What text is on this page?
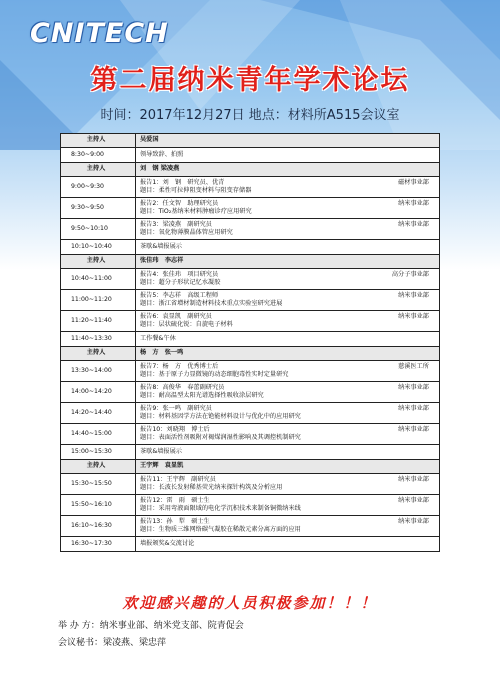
CNITECH
第二届纳米青年学术论坛
时间：2017年12月27日 地点：材料所A515会议室
主持人	吴爱国
8:30~9:00	领导致辞、拍照
主持人	刘　钢 梁凌燕
9:00~9:30	报告1：刘　钢　研究员、优青
题目：柔性可拉伸阻变材料与阻变存储器
磁材事业部

9:30~9:50	报告2：任文智　助理研究员
题目：TiO₂基纳米材料肿瘤诊疗应用研究
纳米事业部

9:50~10:10	报告3：梁凌燕　副研究员
题目：氧化物薄膜晶体管应用研究
纳米事业部

10:10~10:40	茶歇&墙报展示
主持人	张佳玮　李志祥
10:40~11:00	报告4：张佳玮　项目研究员
题目：超分子形状记忆水凝胶
高分子事业部

11:00~11:20	报告5：李志祥　高级工程师
题目：浙江省增材制造材料技术重点实验室研究进展
纳米事业部

11:20~11:40	报告6：袁显凯　副研究员
题目：层状硫化锐：自旋电子材料
纳米事业部

11:40~13:30	工作餐&午休
主持人	杨　方　张一鸣
13:30~14:00	报告7：杨　方　优秀博士后
题目：基于原子力显微镜的动态细胞毒性实时定量研究
慈溪医工所

14:00~14:20	报告8：高俊华　春蕾副研究员
题目：耐高温型太阳光谱选择性吸收涂层研究
纳米事业部

14:20~14:40	报告9：张一鸣　副研究员
题目：材料基因学方法在铯能材料设计与优化中的应用研究
纳米事业部

14:40~15:00	报告10：刘晓翔　博士后
题目：表面活性剂吸附对褐煤润湿性影响及其调控机制研究
纳米事业部

15:00~15:30	茶歇&墙报展示
主持人	王宇辉　袁显凯
15:30~15:50	报告11：王宇辉　副研究员
题目：长波长发射稀基荧光纳米探针构筑及分析应用
纳米事业部

15:50~16:10	报告12：雷　雨　硕士生
题目：采用弯液面限域的电化学沉积技术来制备铜微纳米线
纳米事业部

16:10~16:30	报告13：孙　犁　硕士生
题目：生物质三维网络碳气凝胶在稀散元素分离方面的应用
纳米事业部

16:30~17:30	墙报颁奖&交流讨论
欢迎感兴趣的人员积极参加！！！
举 办 方：纳米事业部、纳米党支部、院青促会
会议秘书：梁凌燕、梁忠萍
